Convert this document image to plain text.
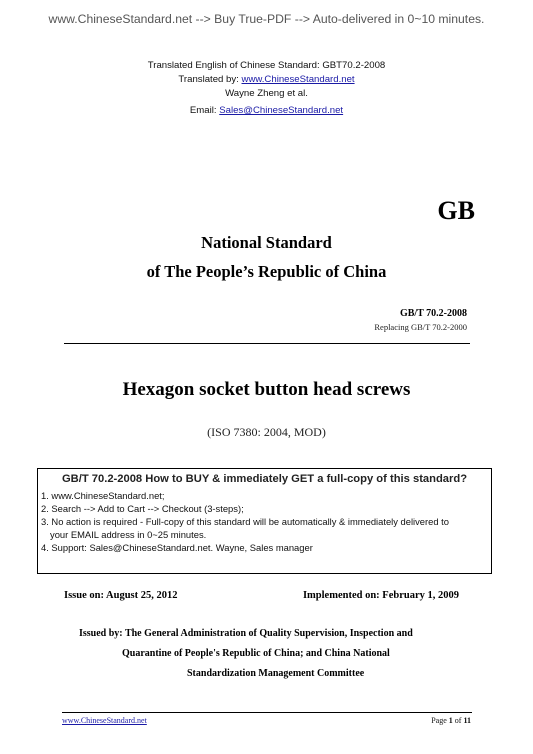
www.ChineseStandard.net --> Buy True-PDF --> Auto-delivered in 0~10 minutes.
Translated English of Chinese Standard: GBT70.2-2008
Translated by: www.ChineseStandard.net
Wayne Zheng et al.
Email: Sales@ChineseStandard.net
GB
National Standard
of The People’s Republic of China
GB/T 70.2-2008
Replacing GB/T 70.2-2000
Hexagon socket button head screws
(ISO 7380: 2004, MOD)
GB/T 70.2-2008 How to BUY & immediately GET a full-copy of this standard?
1. www.ChineseStandard.net;
2. Search --> Add to Cart --> Checkout (3-steps);
3. No action is required - Full-copy of this standard will be automatically & immediately delivered to
your EMAIL address in 0~25 minutes.
4. Support: Sales@ChineseStandard.net. Wayne, Sales manager
Issue on: August 25, 2012	Implemented on: February 1, 2009
Issued by: The General Administration of Quality Supervision, Inspection and
Quarantine of People's Republic of China; and China National
Standardization Management Committee
www.ChineseStandard.net	Page 1 of 11
